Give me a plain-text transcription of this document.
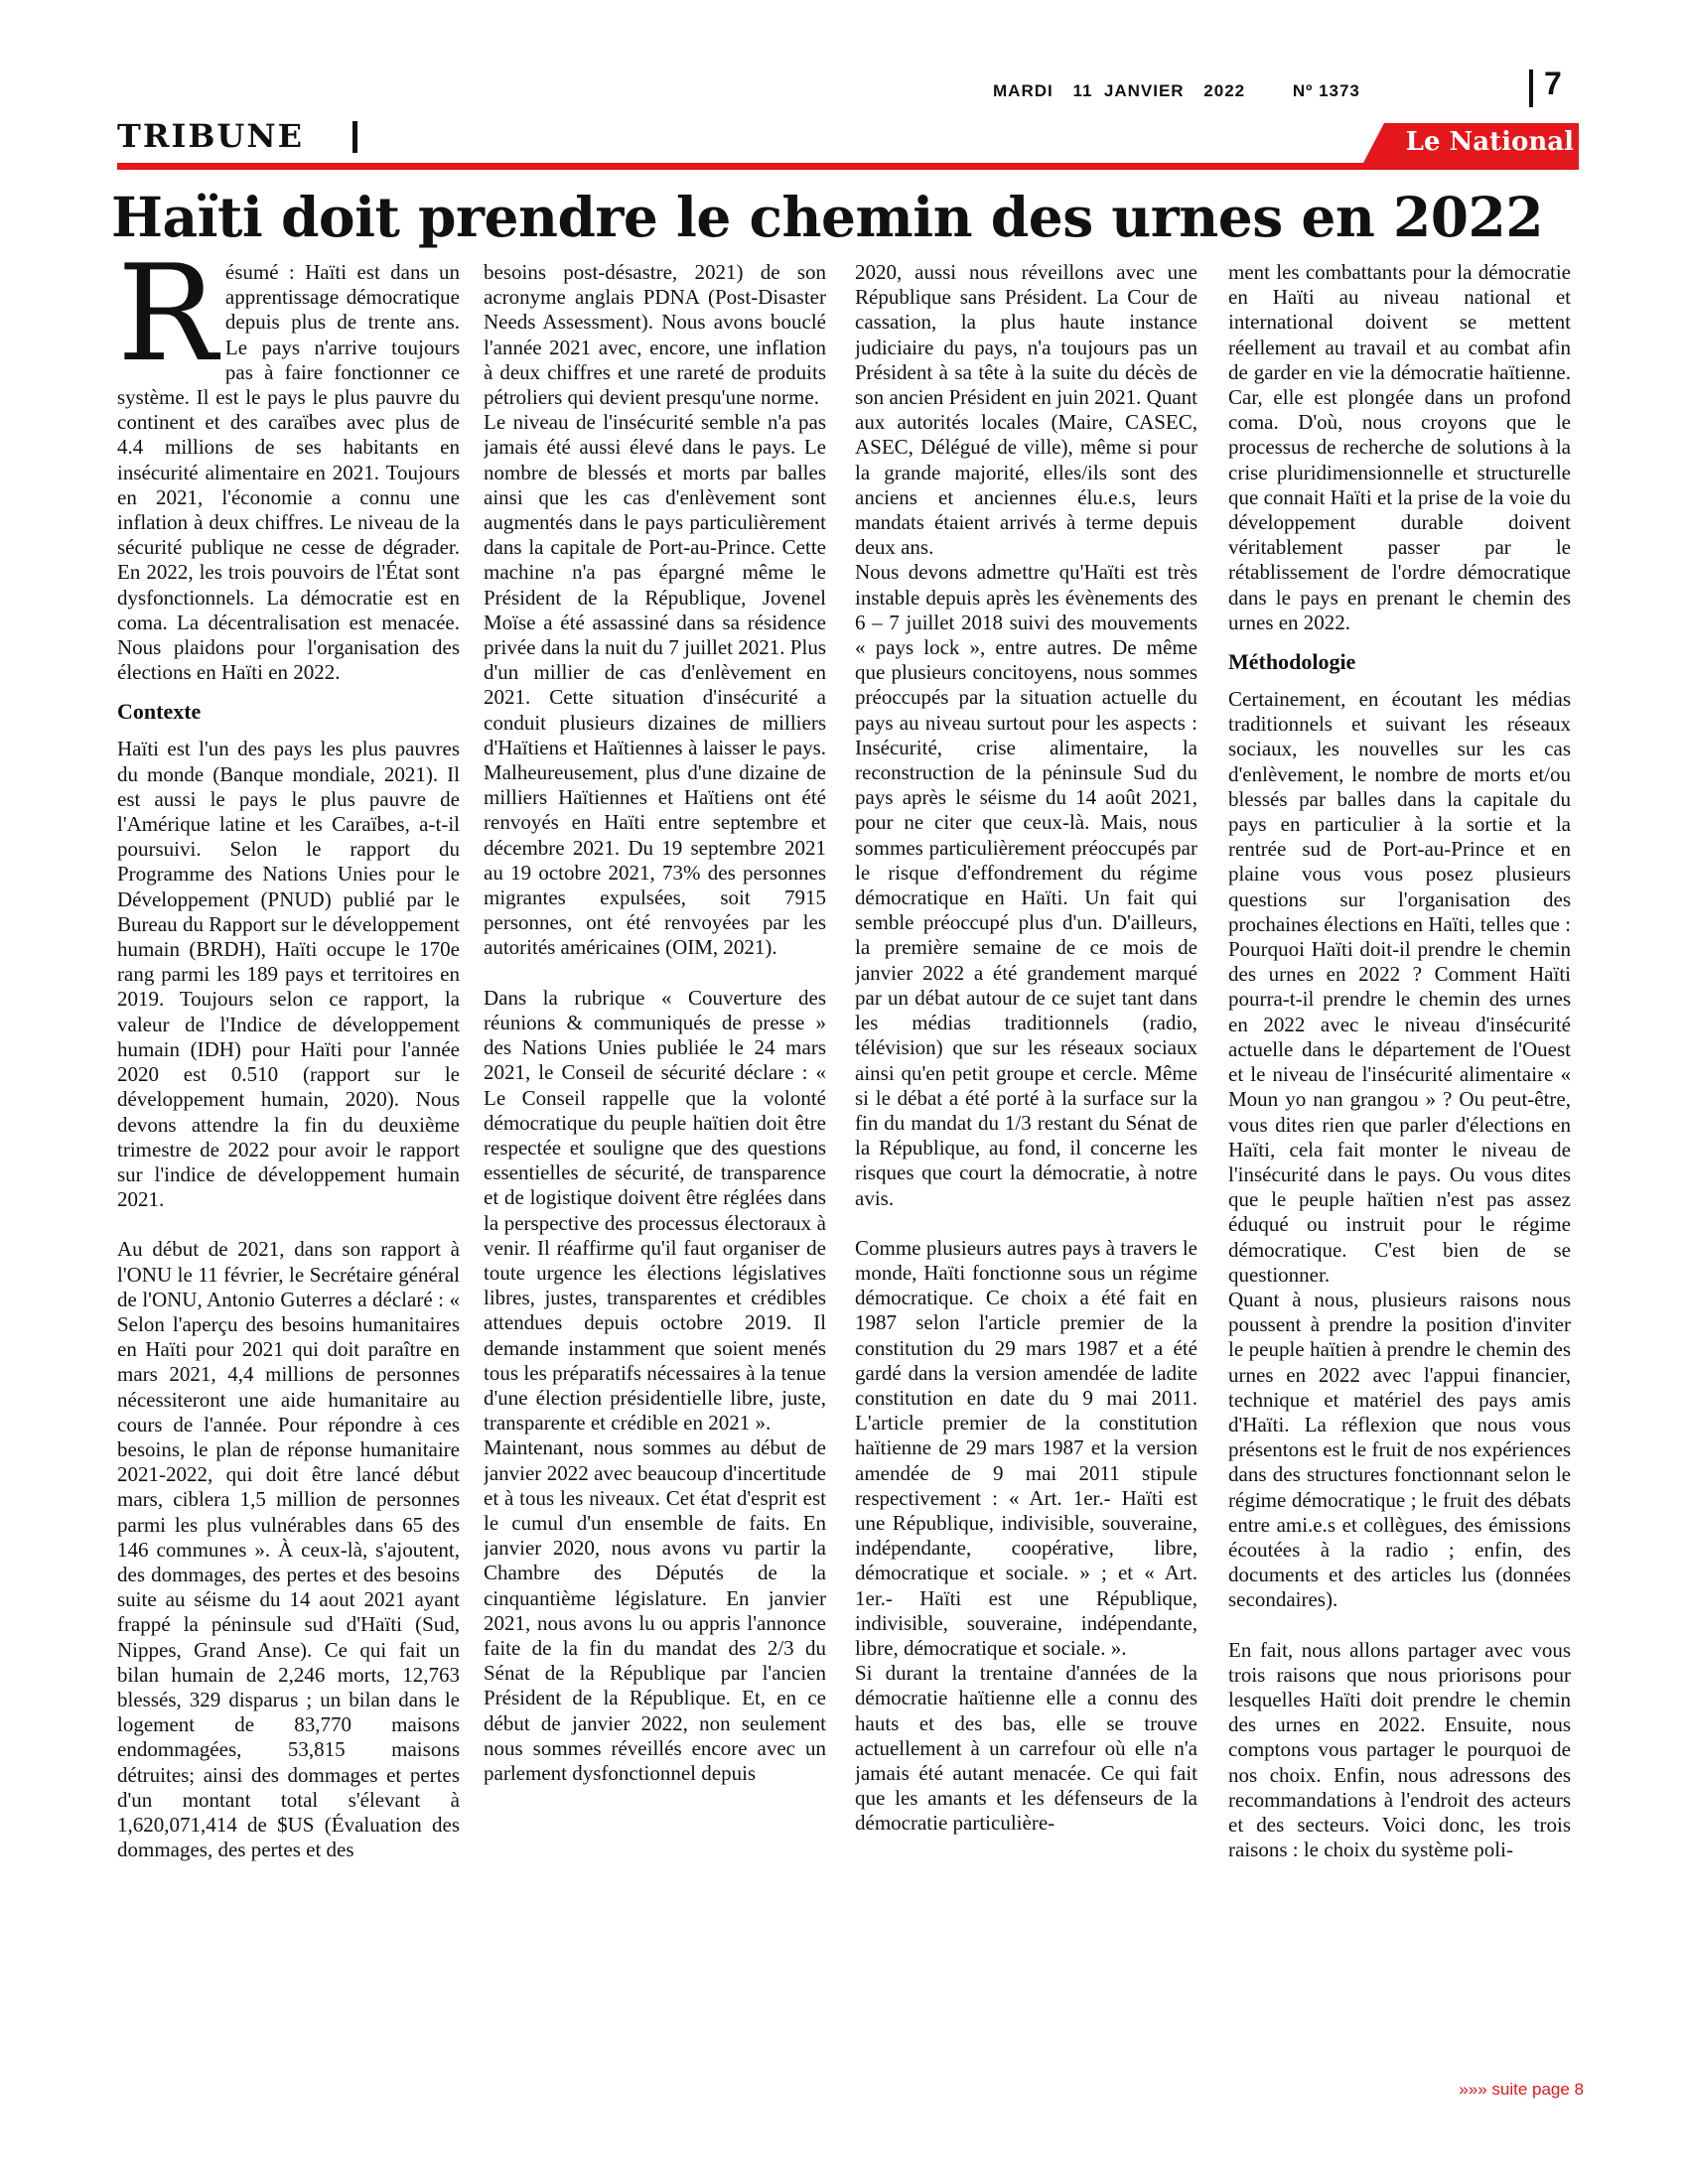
MARDI 11  JANVIER 2022	Nº 1373	7
TRIBUNE	Le National
Haïti doit prendre le chemin des urnes en 2022
R ésumé : Haïti est dans un apprentissage démocratique depuis plus de trente ans. Le pays n'arrive toujours pas à faire fonctionner ce système. Il est le pays le plus pauvre du continent et des caraïbes avec plus de 4.4 millions de ses habitants en insécurité alimentaire en 2021. Toujours en 2021, l'économie a connu une inflation à deux chiffres. Le niveau de la sécurité publique ne cesse de dégrader. En 2022, les trois pouvoirs de l'État sont dysfonctionnels. La démocratie est en coma. La décentralisation est menacée. Nous plaidons pour l'organisation des élections en Haïti en 2022.

Contexte

Haïti est l'un des pays les plus pauvres du monde (Banque mondiale, 2021). Il est aussi le pays le plus pauvre de l'Amérique latine et les Caraïbes, a-t-il poursuivi. Selon le rapport du Programme des Nations Unies pour le Développement (PNUD) publié par le Bureau du Rapport sur le développement humain (BRDH), Haïti occupe le 170e rang parmi les 189 pays et territoires en 2019. Toujours selon ce rapport, la valeur de l'Indice de développement humain (IDH) pour Haïti pour l'année 2020 est 0.510 (rapport sur le développement humain, 2020). Nous devons attendre la fin du deuxième trimestre de 2022 pour avoir le rapport sur l'indice de développement humain 2021.

Au début de 2021, dans son rapport à l'ONU le 11 février, le Secrétaire général de l'ONU, Antonio Guterres a déclaré : « Selon l'aperçu des besoins humanitaires en Haïti pour 2021 qui doit paraître en mars 2021, 4,4 millions de personnes nécessiteront une aide humanitaire au cours de l'année. Pour répondre à ces besoins, le plan de réponse humanitaire 2021-2022, qui doit être lancé début mars, ciblera 1,5 million de personnes parmi les plus vulnérables dans 65 des 146 communes ». À ceux-là, s'ajoutent, des dommages, des pertes et des besoins suite au séisme du 14 aout 2021 ayant frappé la péninsule sud d'Haïti (Sud, Nippes, Grand Anse). Ce qui fait un bilan humain de 2,246 morts, 12,763 blessés, 329 disparus ; un bilan dans le logement de 83,770 maisons endommagées, 53,815 maisons détruites; ainsi des dommages et pertes d'un montant total s'élevant à 1,620,071,414 de $US (Évaluation des dommages, des pertes et des

besoins post-désastre, 2021) de son acronyme anglais PDNA (Post-Disaster Needs Assessment). Nous avons bouclé l'année 2021 avec, encore, une inflation à deux chiffres et une rareté de produits pétroliers qui devient presqu'une norme.

Le niveau de l'insécurité semble n'a pas jamais été aussi élevé dans le pays. Le nombre de blessés et morts par balles ainsi que les cas d'enlèvement sont augmentés dans le pays particulièrement dans la capitale de Port-au-Prince. Cette machine n'a pas épargné même le Président de la République, Jovenel Moïse a été assassiné dans sa résidence privée dans la nuit du 7 juillet 2021. Plus d'un millier de cas d'enlèvement en 2021. Cette situation d'insécurité a conduit plusieurs dizaines de milliers d'Haïtiens et Haïtiennes à laisser le pays. Malheureusement, plus d'une dizaine de milliers Haïtiennes et Haïtiens ont été renvoyés en Haïti entre septembre et décembre 2021. Du 19 septembre 2021 au 19 octobre 2021, 73% des personnes migrantes expulsées, soit 7915 personnes, ont été renvoyées par les autorités américaines (OIM, 2021).

Dans la rubrique « Couverture des réunions & communiqués de presse » des Nations Unies publiée le 24 mars 2021, le Conseil de sécurité déclare : « Le Conseil rappelle que la volonté démocratique du peuple haïtien doit être respectée et souligne que des questions essentielles de sécurité, de transparence et de logistique doivent être réglées dans la perspective des processus électoraux à venir. Il réaffirme qu'il faut organiser de toute urgence les élections législatives libres, justes, transparentes et crédibles attendues depuis octobre 2019. Il demande instamment que soient menés tous les préparatifs nécessaires à la tenue d'une élection présidentielle libre, juste, transparente et crédible en 2021 ».

Maintenant, nous sommes au début de janvier 2022 avec beaucoup d'incertitude et à tous les niveaux. Cet état d'esprit est le cumul d'un ensemble de faits. En janvier 2020, nous avons vu partir la Chambre des Députés de la cinquantième législature. En janvier 2021, nous avons lu ou appris l'annonce faite de la fin du mandat des 2/3 du Sénat de la République par l'ancien Président de la République. Et, en ce début de janvier 2022, non seulement nous sommes réveillés encore avec un parlement dysfonctionnel depuis

2020, aussi nous réveillons avec une République sans Président. La Cour de cassation, la plus haute instance judiciaire du pays, n'a toujours pas un Président à sa tête à la suite du décès de son ancien Président en juin 2021. Quant aux autorités locales (Maire, CASEC, ASEC, Délégué de ville), même si pour la grande majorité, elles/ils sont des anciens et anciennes élu.e.s, leurs mandats étaient arrivés à terme depuis deux ans.

Nous devons admettre qu'Haïti est très instable depuis après les évènements des 6 – 7 juillet 2018 suivi des mouvements « pays lock », entre autres. De même que plusieurs concitoyens, nous sommes préoccupés par la situation actuelle du pays au niveau surtout pour les aspects : Insécurité, crise alimentaire, la reconstruction de la péninsule Sud du pays après le séisme du 14 août 2021, pour ne citer que ceux-là. Mais, nous sommes particulièrement préoccupés par le risque d'effondrement du régime démocratique en Haïti. Un fait qui semble préoccupé plus d'un. D'ailleurs, la première semaine de ce mois de janvier 2022 a été grandement marqué par un débat autour de ce sujet tant dans les médias traditionnels (radio, télévision) que sur les réseaux sociaux ainsi qu'en petit groupe et cercle. Même si le débat a été porté à la surface sur la fin du mandat du 1/3 restant du Sénat de la République, au fond, il concerne les risques que court la démocratie, à notre avis.

Comme plusieurs autres pays à travers le monde, Haïti fonctionne sous un régime démocratique. Ce choix a été fait en 1987 selon l'article premier de la constitution du 29 mars 1987 et a été gardé dans la version amendée de ladite constitution en date du 9 mai 2011. L'article premier de la constitution haïtienne de 29 mars 1987 et la version amendée de 9 mai 2011 stipule respectivement : « Art. 1er.- Haïti est une République, indivisible, souveraine, indépendante, coopérative, libre, démocratique et sociale. » ; et « Art. 1er.- Haïti est une République, indivisible, souveraine, indépendante, libre, démocratique et sociale. ».

Si durant la trentaine d'années de la démocratie haïtienne elle a connu des hauts et des bas, elle se trouve actuellement à un carrefour où elle n'a jamais été autant menacée. Ce qui fait que les amants et les défenseurs de la démocratie particulière-

ment les combattants pour la démocratie en Haïti au niveau national et international doivent se mettent réellement au travail et au combat afin de garder en vie la démocratie haïtienne. Car, elle est plongée dans un profond coma. D'où, nous croyons que le processus de recherche de solutions à la crise pluridimensionnelle et structurelle que connait Haïti et la prise de la voie du développement durable doivent véritablement passer par le rétablissement de l'ordre démocratique dans le pays en prenant le chemin des urnes en 2022.

Méthodologie

Certainement, en écoutant les médias traditionnels et suivant les réseaux sociaux, les nouvelles sur les cas d'enlèvement, le nombre de morts et/ou blessés par balles dans la capitale du pays en particulier à la sortie et la rentrée sud de Port-au-Prince et en plaine vous vous posez plusieurs questions sur l'organisation des prochaines élections en Haïti, telles que : Pourquoi Haïti doit-il prendre le chemin des urnes en 2022 ? Comment Haïti pourra-t-il prendre le chemin des urnes en 2022 avec le niveau d'insécurité actuelle dans le département de l'Ouest et le niveau de l'insécurité alimentaire « Moun yo nan grangou » ? Ou peut-être, vous dites rien que parler d'élections en Haïti, cela fait monter le niveau de l'insécurité dans le pays. Ou vous dites que le peuple haïtien n'est pas assez éduqué ou instruit pour le régime démocratique. C'est bien de se questionner.

Quant à nous, plusieurs raisons nous poussent à prendre la position d'inviter le peuple haïtien à prendre le chemin des urnes en 2022 avec l'appui financier, technique et matériel des pays amis d'Haïti. La réflexion que nous vous présentons est le fruit de nos expériences dans des structures fonctionnant selon le régime démocratique ; le fruit des débats entre ami.e.s et collègues, des émissions écoutées à la radio ; enfin, des documents et des articles lus (données secondaires).

En fait, nous allons partager avec vous trois raisons que nous priorisons pour lesquelles Haïti doit prendre le chemin des urnes en 2022. Ensuite, nous comptons vous partager le pourquoi de nos choix. Enfin, nous adressons des recommandations à l'endroit des acteurs et des secteurs. Voici donc, les trois raisons : le choix du système poli-

»»» suite page 8
